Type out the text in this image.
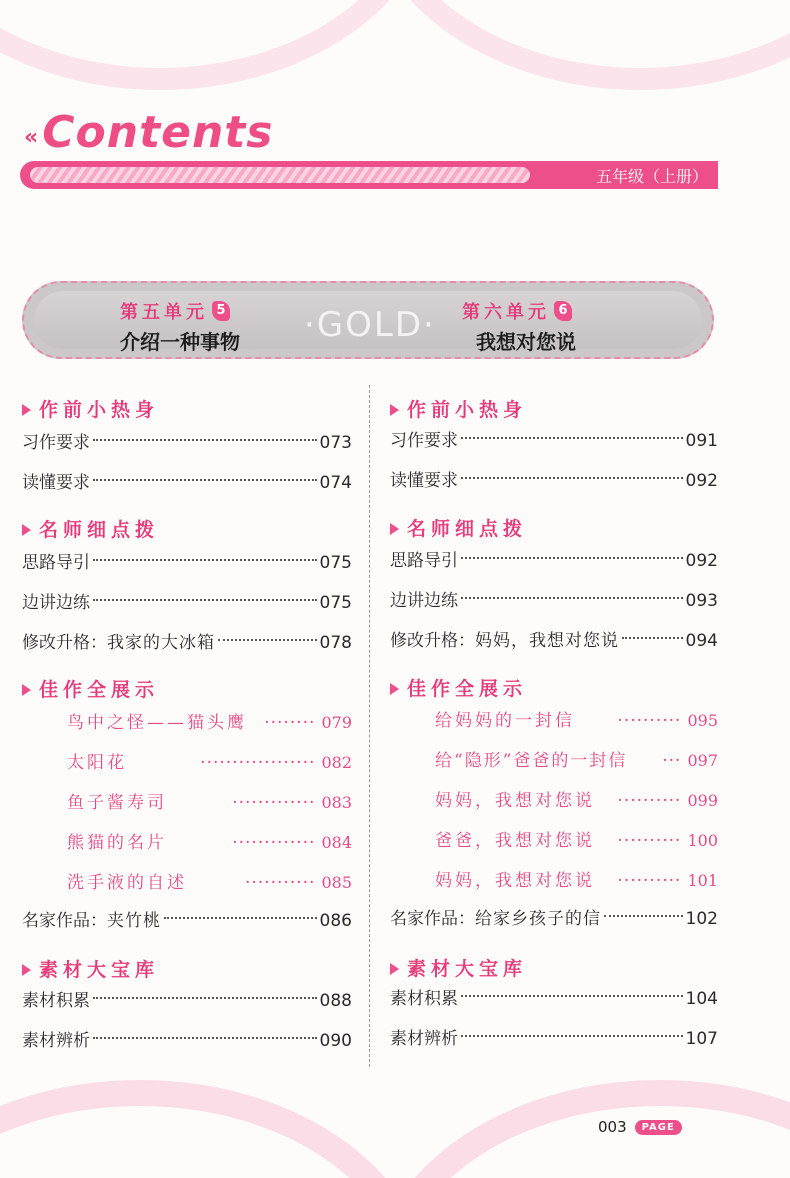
« Contents
五年级（上册）
第五单元 5
介绍一种事物 ·GOLD· 第六单元 6
我想对您说
作前小热身
习作要求	073
读懂要求	074
名师细点拨
思路导引	075
边讲边练	075
修改升格： 我家的大冰箱	078
佳作全展示
鸟中之怪——猫头鹰 ········ 079
太阳花	·················· 082
鱼子酱寿司	············· 083
熊猫的名片	············· 084
洗手液的自述	··········· 085
名家作品： 夹竹桃	086
素材大宝库
素材积累	088
素材辨析	090
作前小热身
习作要求	091
读懂要求	092
名师细点拨
思路导引	092
边讲边练	093
修改升格： 妈妈，我想对您说	094
佳作全展示
给妈妈的一封信 ·········· 095
给“隐形”爸爸的一封信 ··· 097
妈妈，我想对您说 ·········· 099
爸爸，我想对您说 ·········· 100
妈妈，我想对您说 ·········· 101
名家作品： 给家乡孩子的信	102
素材大宝库
素材积累	104
素材辨析	107
003	PAGE
